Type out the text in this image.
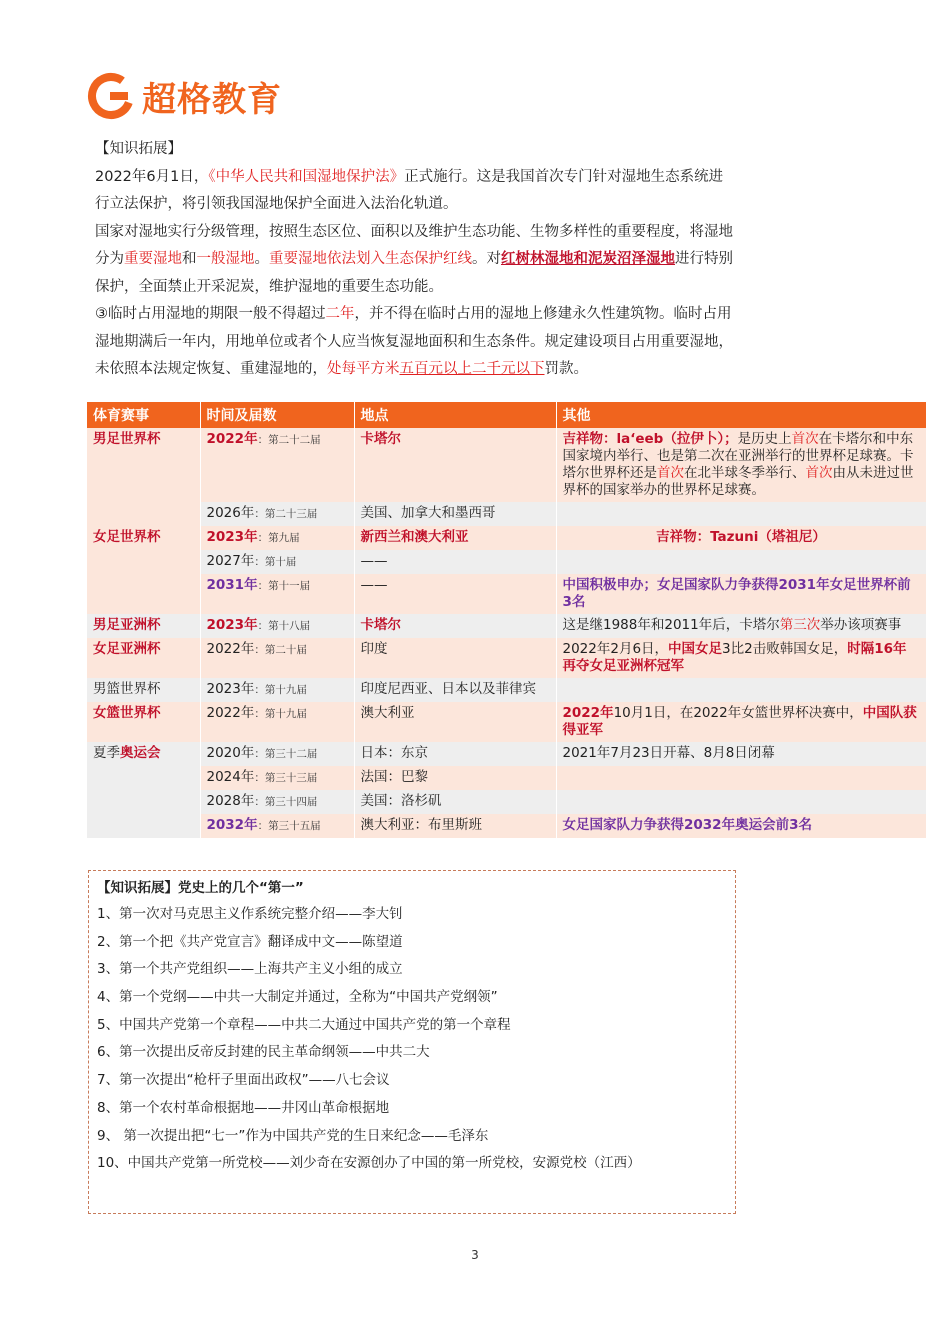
超格教育

【知识拓展】

2022年6月1日，《中华人民共和国湿地保护法》正式施行。这是我国首次专门针对湿地生态系统进行立法保护，将引领我国湿地保护全面进入法治化轨道。

国家对湿地实行分级管理，按照生态区位、面积以及维护生态功能、生物多样性的重要程度，将湿地分为重要湿地和一般湿地。重要湿地依法划入生态保护红线。对红树林湿地和泥炭沼泽湿地进行特别保护，全面禁止开采泥炭，维护湿地的重要生态功能。

③临时占用湿地的期限一般不得超过二年，并不得在临时占用的湿地上修建永久性建筑物。临时占用湿地期满后一年内，用地单位或者个人应当恢复湿地面积和生态条件。规定建设项目占用重要湿地，未依照本法规定恢复、重建湿地的，处每平方米五百元以上二千元以下罚款。

体育赛事	时间及届数	地点	其他
男足世界杯	2022年：第二十二届	卡塔尔	吉祥物：la‘eeb（拉伊卜）；是历史上首次在卡塔尔和中东国家境内举行、也是第二次在亚洲举行的世界杯足球赛。卡塔尔世界杯还是首次在北半球冬季举行、首次由从未进过世界杯的国家举办的世界杯足球赛。
	2026年：第二十三届	美国、加拿大和墨西哥	
女足世界杯	2023年：第九届	新西兰和澳大利亚	吉祥物：Tazuni（塔祖尼）
	2027年：第十届	——	
	2031年：第十一届	——	中国积极申办；女足国家队力争获得2031年女足世界杯前3名
男足亚洲杯	2023年：第十八届	卡塔尔	这是继1988年和2011年后，卡塔尔第三次举办该项赛事
女足亚洲杯	2022年：第二十届	印度	2022年2月6日，中国女足3比2击败韩国女足，时隔16年再夺女足亚洲杯冠军
男篮世界杯	2023年：第十九届	印度尼西亚、日本以及菲律宾	
女篮世界杯	2022年：第十九届	澳大利亚	2022年10月1日，在2022年女篮世界杯决赛中，中国队获得亚军
夏季奥运会	2020年：第三十二届	日本：东京	2021年7月23日开幕、8月8日闭幕
	2024年：第三十三届	法国：巴黎	
	2028年：第三十四届	美国：洛杉矶	
	2032年：第三十五届	澳大利亚：布里斯班	女足国家队力争获得2032年奥运会前3名
【知识拓展】党史上的几个“第一”
1、第一次对马克思主义作系统完整介绍——李大钊
2、第一个把《共产党宣言》翻译成中文——陈望道
3、第一个共产党组织——上海共产主义小组的成立
4、第一个党纲——中共一大制定并通过，全称为“中国共产党纲领”
5、中国共产党第一个章程——中共二大通过中国共产党的第一个章程
6、第一次提出反帝反封建的民主革命纲领——中共二大
7、第一次提出“枪杆子里面出政权”——八七会议
8、第一个农村革命根据地——井冈山革命根据地
9、 第一次提出把“七一”作为中国共产党的生日来纪念——毛泽东
10、中国共产党第一所党校——刘少奇在安源创办了中国的第一所党校，安源党校（江西）
3
